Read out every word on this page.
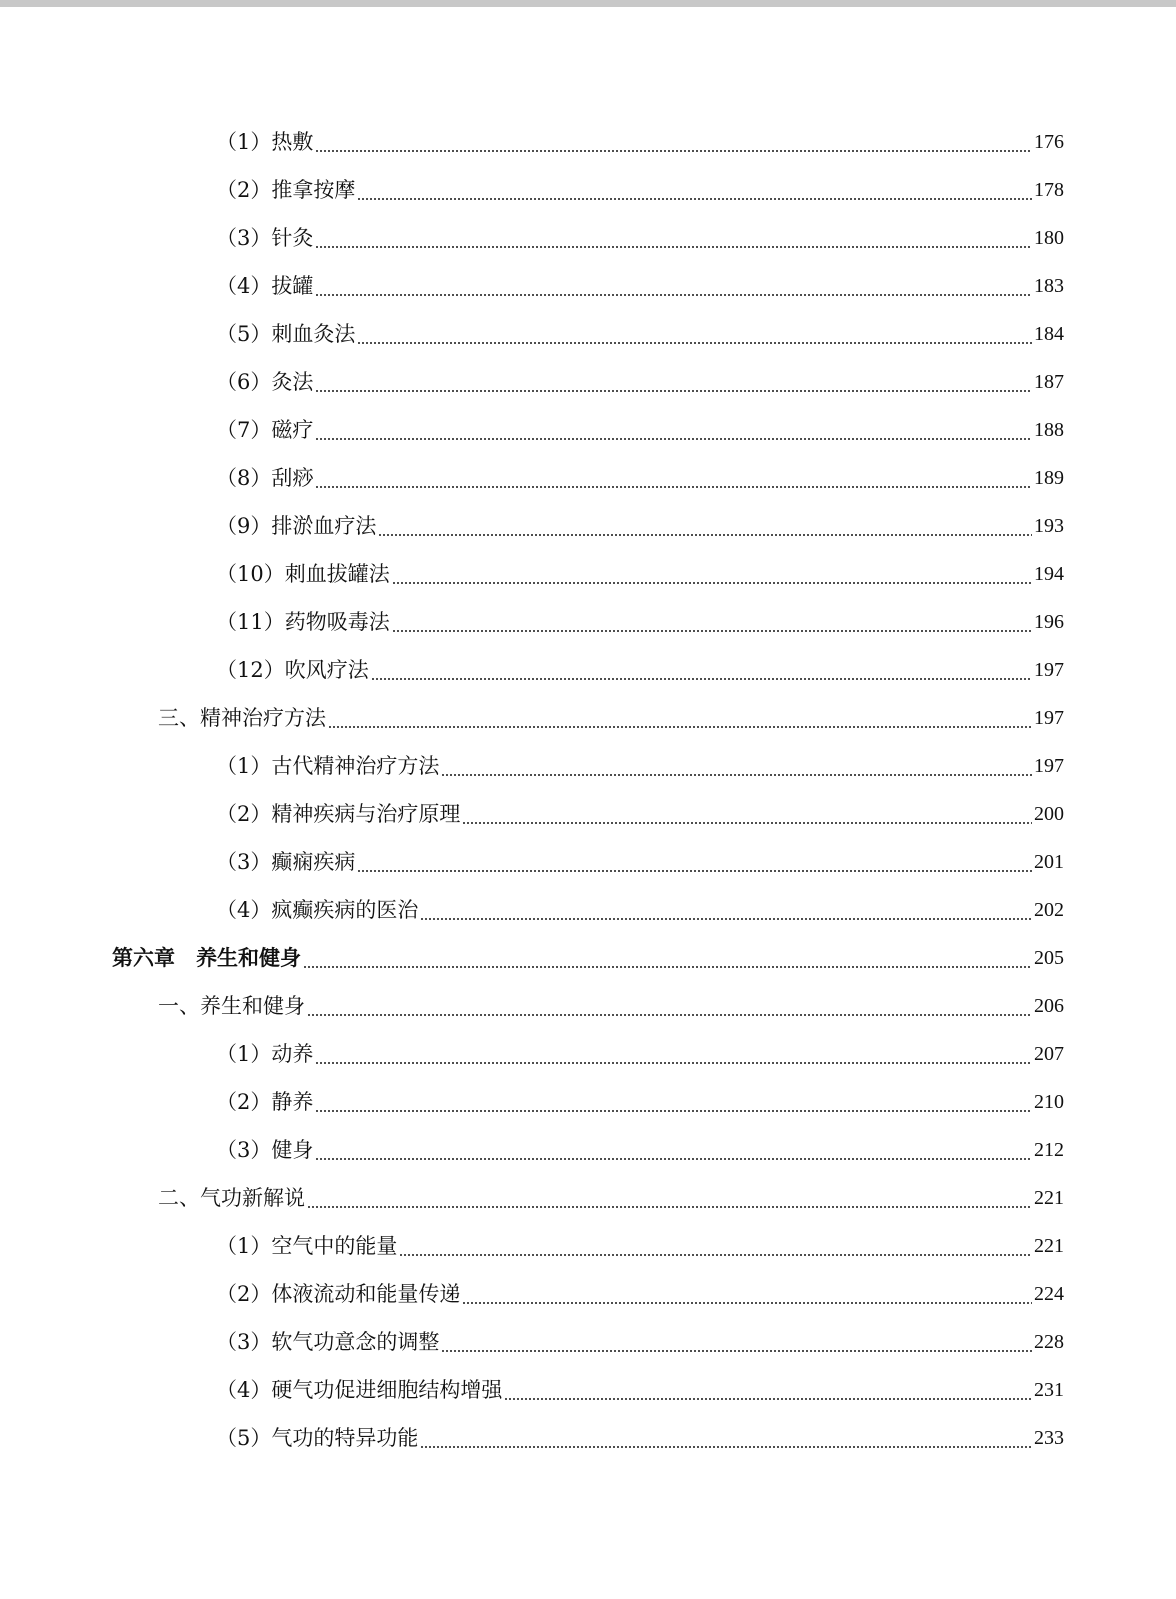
（1）热敷	176
（2）推拿按摩	178
（3）针灸	180
（4）拔罐	183
（5）刺血灸法	184
（6）灸法	187
（7）磁疗	188
（8）刮痧	189
（9）排淤血疗法	193
（10）刺血拔罐法	194
（11）药物吸毒法	196
（12）吹风疗法	197
三、精神治疗方法	197
（1）古代精神治疗方法	197
（2）精神疾病与治疗原理	200
（3）癫痫疾病	201
（4）疯癫疾病的医治	202
第六章　养生和健身	205
一、养生和健身	206
（1）动养	207
（2）静养	210
（3）健身	212
二、气功新解说	221
（1）空气中的能量	221
（2）体液流动和能量传递	224
（3）软气功意念的调整	228
（4）硬气功促进细胞结构增强	231
（5）气功的特异功能	233
